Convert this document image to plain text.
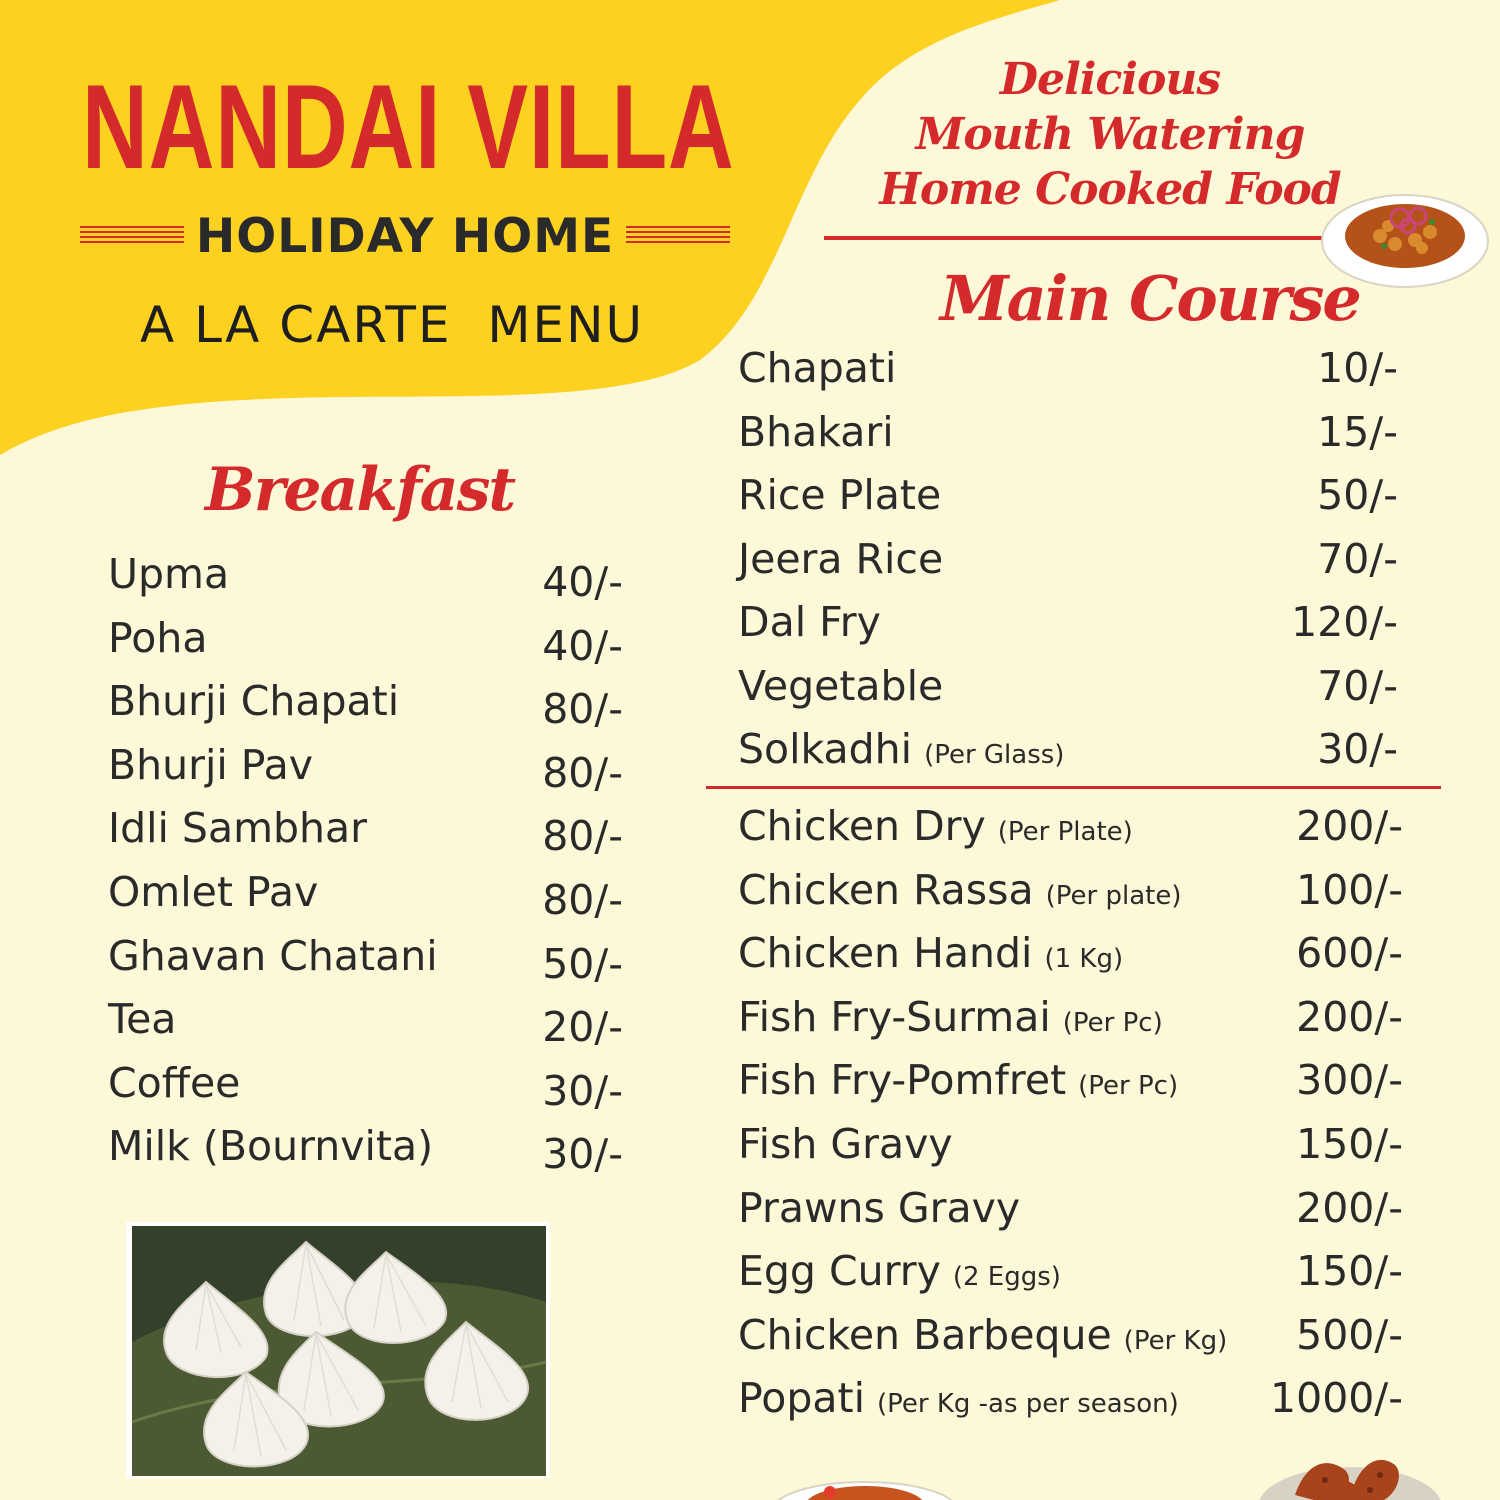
NANDAI VILLA
HOLIDAY HOME
A LA CARTE  MENU
Delicious
Mouth Watering
Home Cooked Food
Breakfast
Upma	40/-
Poha	40/-
Bhurji Chapati	80/-
Bhurji Pav	80/-
Idli Sambhar	80/-
Omlet Pav	80/-
Ghavan Chatani	50/-
Tea	20/-
Coffee	30/-
Milk (Bournvita)	30/-
Main Course
Chapati	10/-
Bhakari	15/-
Rice Plate	50/-
Jeera Rice	70/-
Dal Fry	120/-
Vegetable	70/-
Solkadhi (Per Glass)	30/-
Chicken Dry (Per Plate)	200/-
Chicken Rassa (Per plate)	100/-
Chicken Handi (1 Kg)	600/-
Fish Fry-Surmai (Per Pc)	200/-
Fish Fry-Pomfret (Per Pc)	300/-
Fish Gravy	150/-
Prawns Gravy	200/-
Egg Curry (2 Eggs)	150/-
Chicken Barbeque (Per Kg) 500/-
Popati (Per Kg -as per season) 1000/-
